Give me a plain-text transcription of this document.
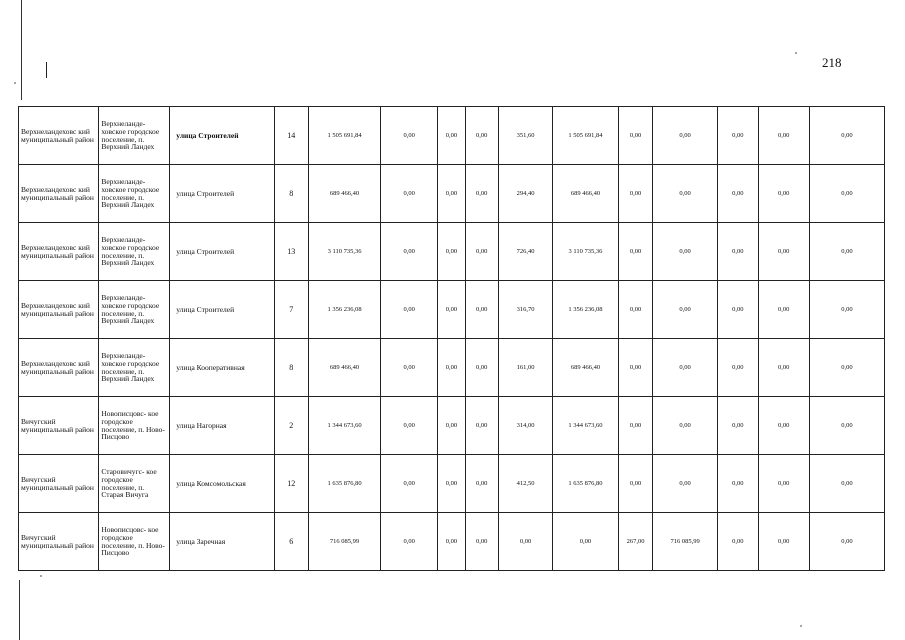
218
Верхнеландеховс кий муниципальный район	Верхнеланде- ховское городское поселение, п. Верхний Ландех	улица Строителей	14	1 505 691,84	0,00	0,00	0,00	351,60	1 505 691,84	0,00	0,00	0,00	0,00	0,00
Верхнеландеховс кий муниципальный район	Верхнеланде- ховское городское поселение, п. Верхний Ландех	улица Строителей	8	689 466,40	0,00	0,00	0,00	294,40	689 466,40	0,00	0,00	0,00	0,00	0,00
Верхнеландеховс кий муниципальный район	Верхнеланде- ховское городское поселение, п. Верхний Ландех	улица Строителей	13	3 110 735,36	0,00	0,00	0,00	726,40	3 110 735,36	0,00	0,00	0,00	0,00	0,00
Верхнеландеховс кий муниципальный район	Верхнеланде- ховское городское поселение, п. Верхний Ландех	улица Строителей	7	1 356 236,08	0,00	0,00	0,00	316,70	1 356 236,08	0,00	0,00	0,00	0,00	0,00
Верхнеландеховс кий муниципальный район	Верхнеланде- ховское городское поселение, п. Верхний Ландех	улица Кооперативная	8	689 466,40	0,00	0,00	0,00	161,00	689 466,40	0,00	0,00	0,00	0,00	0,00
Вичугский муниципальный район	Новописцовс- кое городское поселение, п. Ново- Писцово	улица Нагорная	2	1 344 673,60	0,00	0,00	0,00	314,00	1 344 673,60	0,00	0,00	0,00	0,00	0,00
Вичугский муниципальный район	Старовичугс- кое городское поселение, п. Старая Вичуга	улица Комсомольская	12	1 635 876,80	0,00	0,00	0,00	412,50	1 635 876,80	0,00	0,00	0,00	0,00	0,00
Вичугский муниципальный район	Новописцовс- кое городское поселение, п. Ново- Писцово	улица Заречная	6	716 085,99	0,00	0,00	0,00	0,00	0,00	267,00	716 085,99	0,00	0,00	0,00
